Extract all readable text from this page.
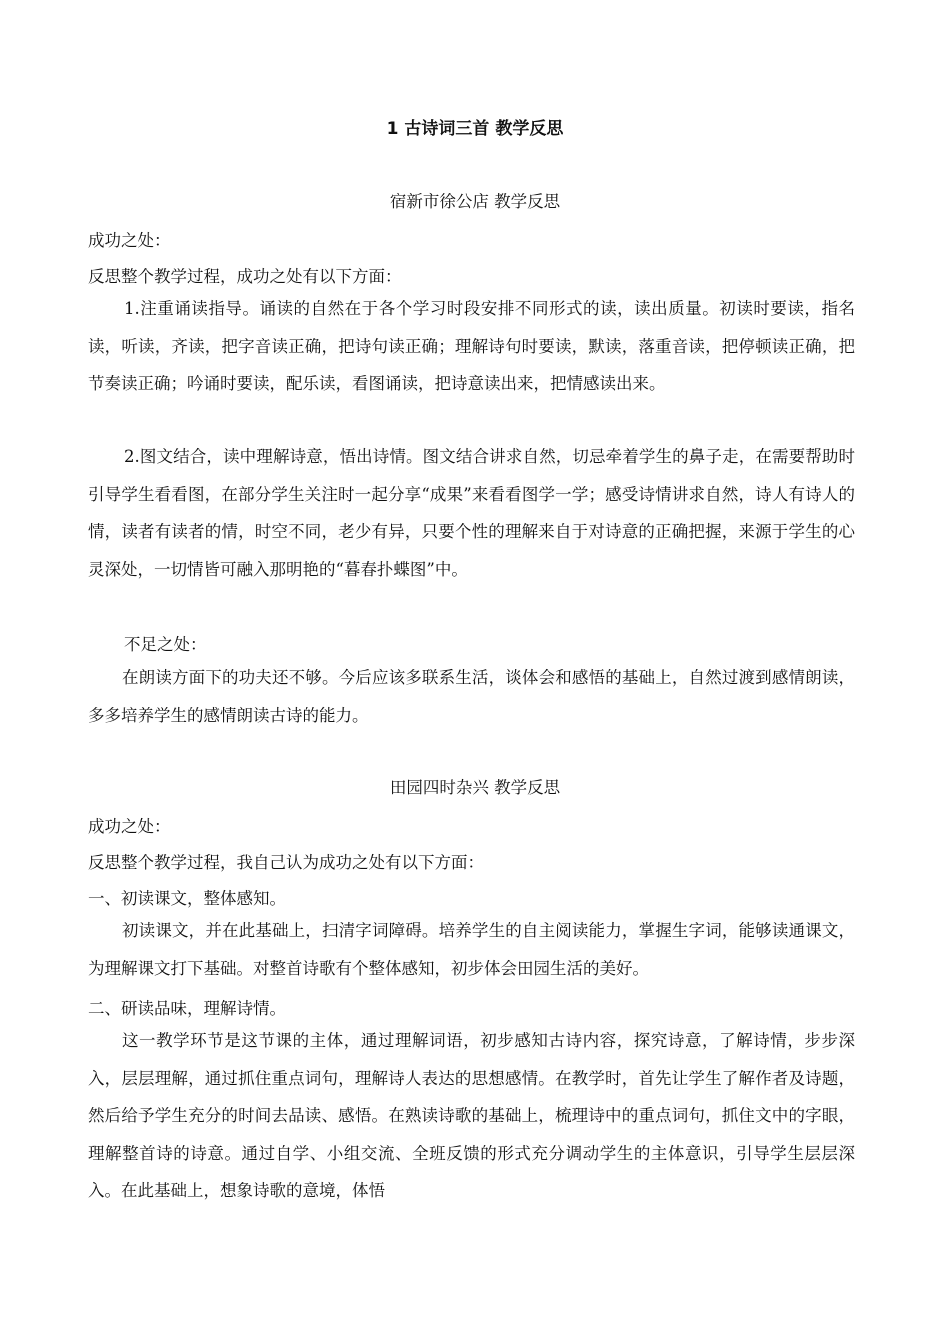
1 古诗词三首 教学反思
宿新市徐公店 教学反思
成功之处：
反思整个教学过程，成功之处有以下方面：
1.注重诵读指导。诵读的自然在于各个学习时段安排不同形式的读，读出质量。初读时要读，指名读，听读，齐读，把字音读正确，把诗句读正确；理解诗句时要读，默读，落重音读，把停顿读正确，把节奏读正确；吟诵时要读，配乐读，看图诵读，把诗意读出来，把情感读出来。
2.图文结合，读中理解诗意，悟出诗情。图文结合讲求自然，切忌牵着学生的鼻子走，在需要帮助时引导学生看看图，在部分学生关注时一起分享“成果”来看看图学一学；感受诗情讲求自然，诗人有诗人的情，读者有读者的情，时空不同，老少有异，只要个性的理解来自于对诗意的正确把握，来源于学生的心灵深处，一切情皆可融入那明艳的“暮春扑蝶图”中。
不足之处：
在朗读方面下的功夫还不够。今后应该多联系生活，谈体会和感悟的基础上，自然过渡到感情朗读，多多培养学生的感情朗读古诗的能力。
田园四时杂兴 教学反思
成功之处：
反思整个教学过程，我自己认为成功之处有以下方面：
一、初读课文，整体感知。
初读课文，并在此基础上，扫清字词障碍。培养学生的自主阅读能力，掌握生字词，能够读通课文，为理解课文打下基础。对整首诗歌有个整体感知，初步体会田园生活的美好。
二、研读品味，理解诗情。
这一教学环节是这节课的主体，通过理解词语，初步感知古诗内容，探究诗意，了解诗情，步步深入，层层理解，通过抓住重点词句，理解诗人表达的思想感情。在教学时，首先让学生了解作者及诗题，然后给予学生充分的时间去品读、感悟。在熟读诗歌的基础上，梳理诗中的重点词句，抓住文中的字眼，理解整首诗的诗意。通过自学、小组交流、全班反馈的形式充分调动学生的主体意识，引导学生层层深入。在此基础上，想象诗歌的意境，体悟
